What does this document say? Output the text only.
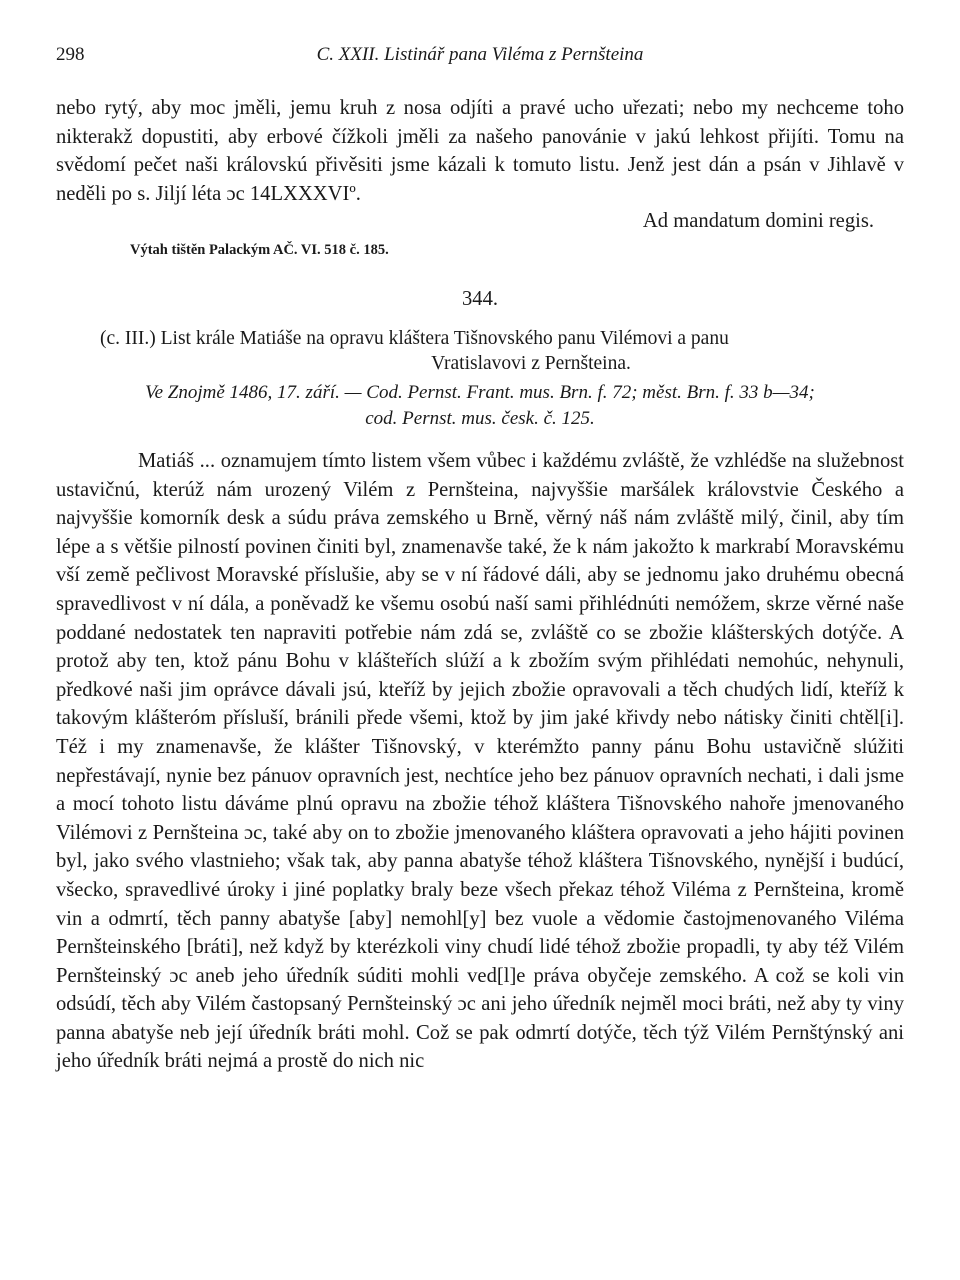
298	C. XXII. Listinář pana Viléma z Pernšteina

nebo rytý, aby moc jměli, jemu kruh z nosa odjíti a pravé ucho uřezati; nebo my nechceme toho nikterakž dopustiti, aby erbové čížkoli jměli za našeho panovánie v jakú lehkost přijíti. Tomu na svědomí pečet naši královskú přivěsiti jsme kázali k tomuto listu. Jenž jest dán a psán v Jihlavě v neděli po s. Jiljí léta ɔc 14LXXXVIº.

Ad mandatum domini regis.
Výtah tištěn Palackým AČ. VI. 518 č. 185.
344.

(c. III.) List krále Matiáše na opravu kláštera Tišnovského panu Vilémovi a panu
Vratislavovi z Pernšteina.

Ve Znojmě 1486, 17. září. — Cod. Pernst. Frant. mus. Brn. f. 72; měst. Brn. f. 33 b—34;
cod. Pernst. mus. česk. č. 125.

Matiáš ... oznamujem tímto listem všem vůbec i každému zvláště, že vzhlédše na služebnost ustavičnú, kterúž nám urozený Vilém z Pernšteina, najvyššie maršálek královstvie Českého a najvyššie komorník desk a súdu práva zemského u Brně, věrný náš nám zvláště milý, činil, aby tím lépe a s většie pilností povinen činiti byl, znamenavše také, že k nám jakožto k markrabí Moravskému vší země pečlivost Moravské příslušie, aby se v ní řádové dáli, aby se jednomu jako druhému obecná spravedlivost v ní dála, a poněvadž ke všemu osobú naší sami přihlédnúti nemóžem, skrze věrné naše poddané nedostatek ten napraviti potřebie nám zdá se, zvláště co se zbožie klášterských dotýče. A protož aby ten, ktož pánu Bohu v klášteřích slúží a k zbožím svým přihlédati nemohúc, nehynuli, předkové naši jim oprávce dávali jsú, kteříž by jejich zbožie opravovali a těch chudých lidí, kteříž k takovým klášteróm přísluší, bránili přede všemi, ktož by jim jaké křivdy nebo nátisky činiti chtěl[i]. Též i my znamenavše, že klášter Tišnovský, v kterémžto panny pánu Bohu ustavičně slúžiti nepřestávají, nynie bez pánuov opravních jest, nechtíce jeho bez pánuov opravních nechati, i dali jsme a mocí tohoto listu dáváme plnú opravu na zbožie téhož kláštera Tišnovského nahoře jmenovaného Vilémovi z Pernšteina ɔc, také aby on to zbožie jmenovaného kláštera opravovati a jeho hájiti povinen byl, jako svého vlastnieho; však tak, aby panna abatyše téhož kláštera Tišnovského, nynější i budúcí, všecko, spravedlivé úroky i jiné poplatky braly beze všech překaz téhož Viléma z Pernšteina, kromě vin a odmrtí, těch panny abatyše [aby] nemohl[y] bez vuole a vědomie častojmenovaného Viléma Pernšteinského [bráti], než když by kterézkoli viny chudí lidé téhož zbožie propadli, ty aby též Vilém Pernšteinský ɔc aneb jeho úředník súditi mohli ved[l]e práva obyčeje zemského. A což se koli vin odsúdí, těch aby Vilém častopsaný Pernšteinský ɔc ani jeho úředník nejměl moci bráti, než aby ty viny panna abatyše neb její úředník bráti mohl. Což se pak odmrtí dotýče, těch týž Vilém Pernštýnský ani jeho úředník bráti nejmá a prostě do nich nic
